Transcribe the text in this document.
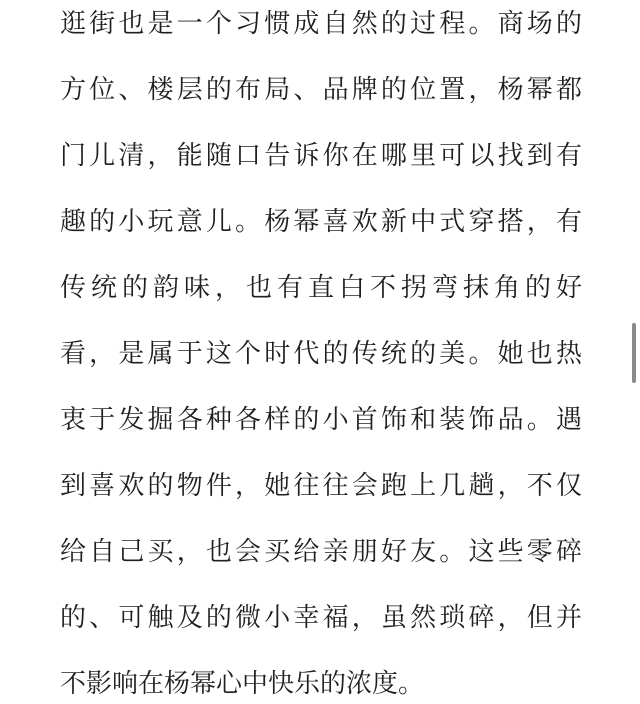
逛街也是一个习惯成自然的过程。商场的
方位、楼层的布局、品牌的位置，杨幂都
门儿清，能随口告诉你在哪里可以找到有
趣的小玩意儿。杨幂喜欢新中式穿搭，有
传统的韵味，也有直白不拐弯抹角的好
看，是属于这个时代的传统的美。她也热
衷于发掘各种各样的小首饰和装饰品。遇
到喜欢的物件，她往往会跑上几趟，不仅
给自己买，也会买给亲朋好友。这些零碎
的、可触及的微小幸福，虽然琐碎，但并
不影响在杨幂心中快乐的浓度。
